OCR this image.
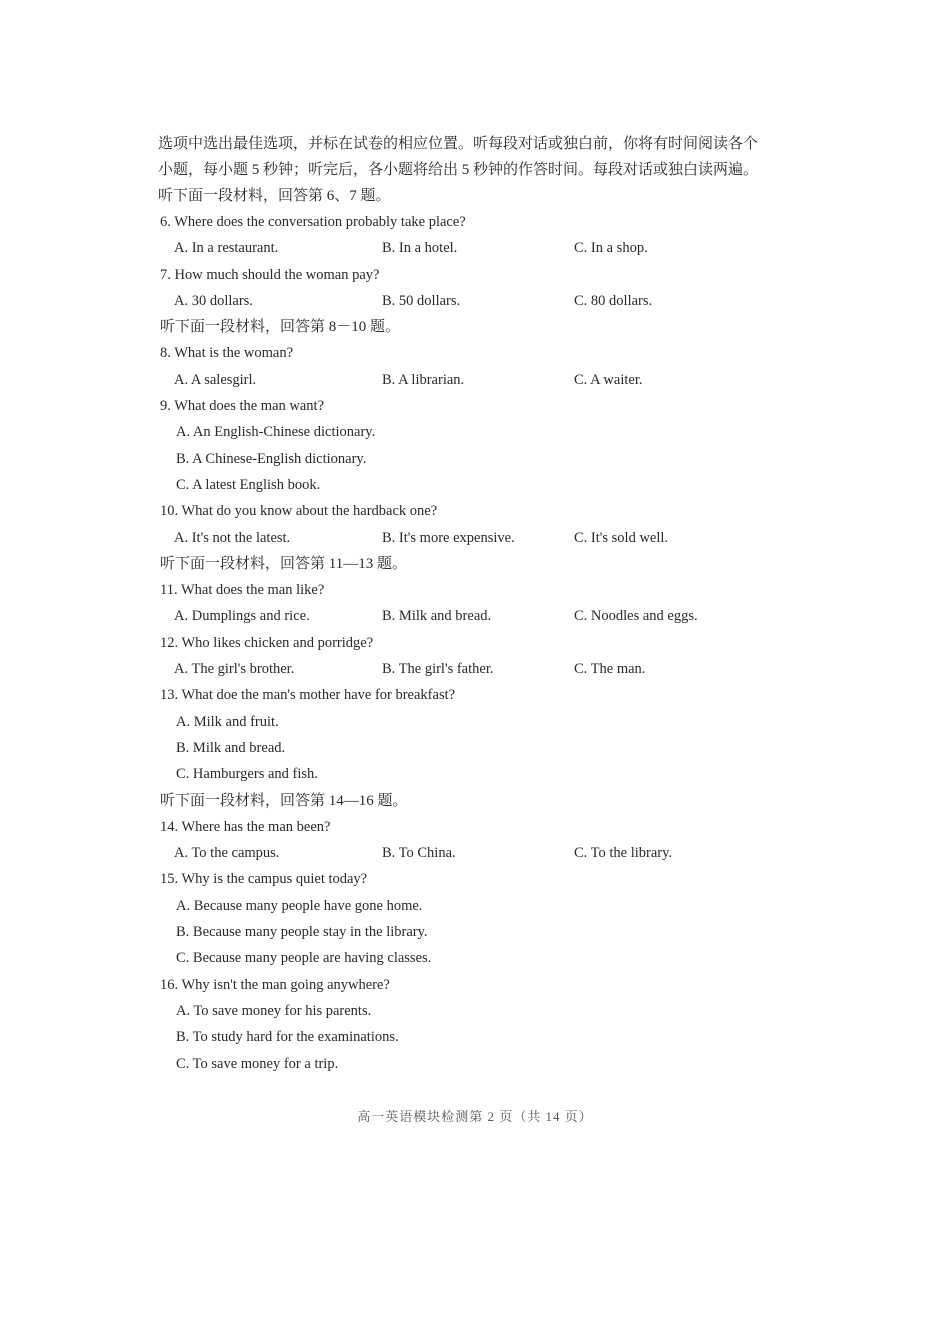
选项中选出最佳选项，并标在试卷的相应位置。听每段对话或独白前，你将有时间阅读各个
小题，每小题 5 秒钟；听完后，各小题将给出 5 秒钟的作答时间。每段对话或独白读两遍。
听下面一段材料，回答第 6、7 题。
6. Where does the conversation probably take place?
A. In a restaurant.	B. In a hotel.	C. In a shop.
7. How much should the woman pay?
A. 30 dollars.	B. 50 dollars.	C. 80 dollars.
听下面一段材料，回答第 8－10 题。
8. What is the woman?
A. A salesgirl.	B. A librarian.	C. A waiter.
9. What does the man want?
A. An English-Chinese dictionary.
B. A Chinese-English dictionary.
C. A latest English book.
10. What do you know about the hardback one?
A. It's not the latest.	B. It's more expensive.	C. It's sold well.
听下面一段材料，回答第 11—13 题。
11. What does the man like?
A. Dumplings and rice.	B. Milk and bread.	C. Noodles and eggs.
12. Who likes chicken and porridge?
A. The girl's brother.	B. The girl's father.	C. The man.
13. What doe the man's mother have for breakfast?
A. Milk and fruit.
B. Milk and bread.
C. Hamburgers and fish.
听下面一段材料，回答第 14—16 题。
14. Where has the man been?
A. To the campus.	B. To China.	C. To the library.
15. Why is the campus quiet today?
A. Because many people have gone home.
B. Because many people stay in the library.
C. Because many people are having classes.
16. Why isn't the man going anywhere?
A. To save money for his parents.
B. To study hard for the examinations.
C. To save money for a trip.
高一英语模块检测第 2 页（共 14 页）
